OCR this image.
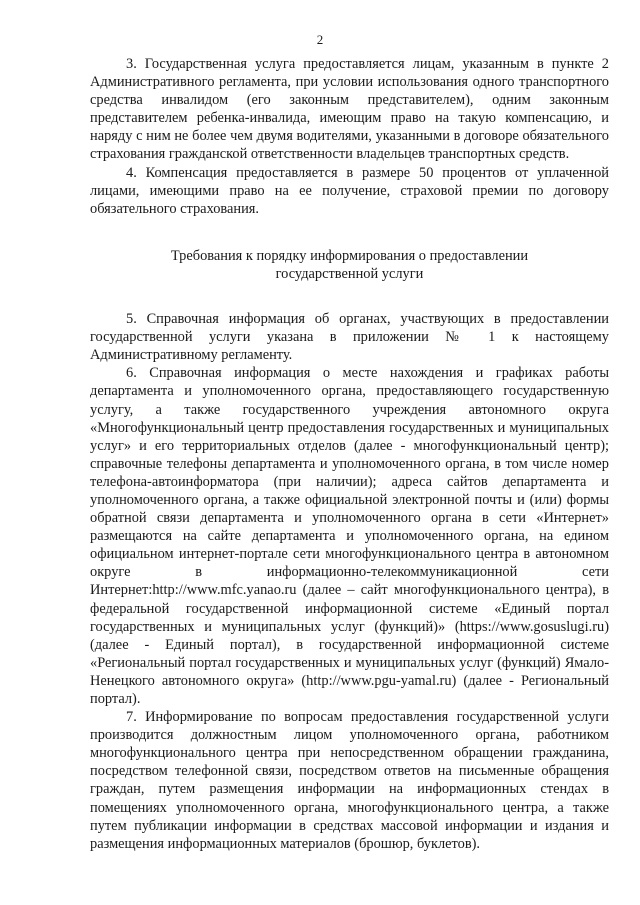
2

3. Государственная услуга предоставляется лицам, указанным в пункте 2 Административного регламента, при условии использования одного транспортного средства инвалидом (его законным представителем), одним законным представителем ребенка-инвалида, имеющим право на такую компенсацию, и наряду с ним не более чем двумя водителями, указанными в договоре обязательного страхования гражданской ответственности владельцев транспортных средств.

4. Компенсация предоставляется в размере 50 процентов от уплаченной лицами, имеющими право на ее получение, страховой премии по договору обязательного страхования.

Требования к порядку информирования о предоставлении
государственной услуги

5. Справочная информация об органах, участвующих в предоставлении государственной услуги указана в приложении № 1 к настоящему Административному регламенту.

6. Справочная информация о месте нахождения и графиках работы департамента и уполномоченного органа, предоставляющего государственную услугу, а также государственного учреждения автономного округа «Многофункциональный центр предоставления государственных и муниципальных услуг» и его территориальных отделов (далее - многофункциональный центр); справочные телефоны департамента и уполномоченного органа, в том числе номер телефона-автоинформатора (при наличии); адреса сайтов департамента и уполномоченного органа, а также официальной электронной почты и (или) формы обратной связи департамента и уполномоченного органа в сети «Интернет» размещаются на сайте департамента и уполномоченного органа, на едином официальном интернет-портале сети многофункционального центра в автономном округе в информационно-телекоммуникационной сети Интернет:http://www.mfc.yanao.ru (далее – сайт многофункционального центра), в федеральной государственной информационной системе «Единый портал государственных и муниципальных услуг (функций)» (https://www.gosuslugi.ru) (далее - Единый портал), в государственной информационной системе «Региональный портал государственных и муниципальных услуг (функций) Ямало-Ненецкого автономного округа» (http://www.pgu-yamal.ru) (далее - Региональный портал).

7. Информирование по вопросам предоставления государственной услуги производится должностным лицом уполномоченного органа, работником многофункционального центра при непосредственном обращении гражданина, посредством телефонной связи, посредством ответов на письменные обращения граждан, путем размещения информации на информационных стендах в помещениях уполномоченного органа, многофункционального центра, а также путем публикации информации в средствах массовой информации и издания и размещения информационных материалов (брошюр, буклетов).
